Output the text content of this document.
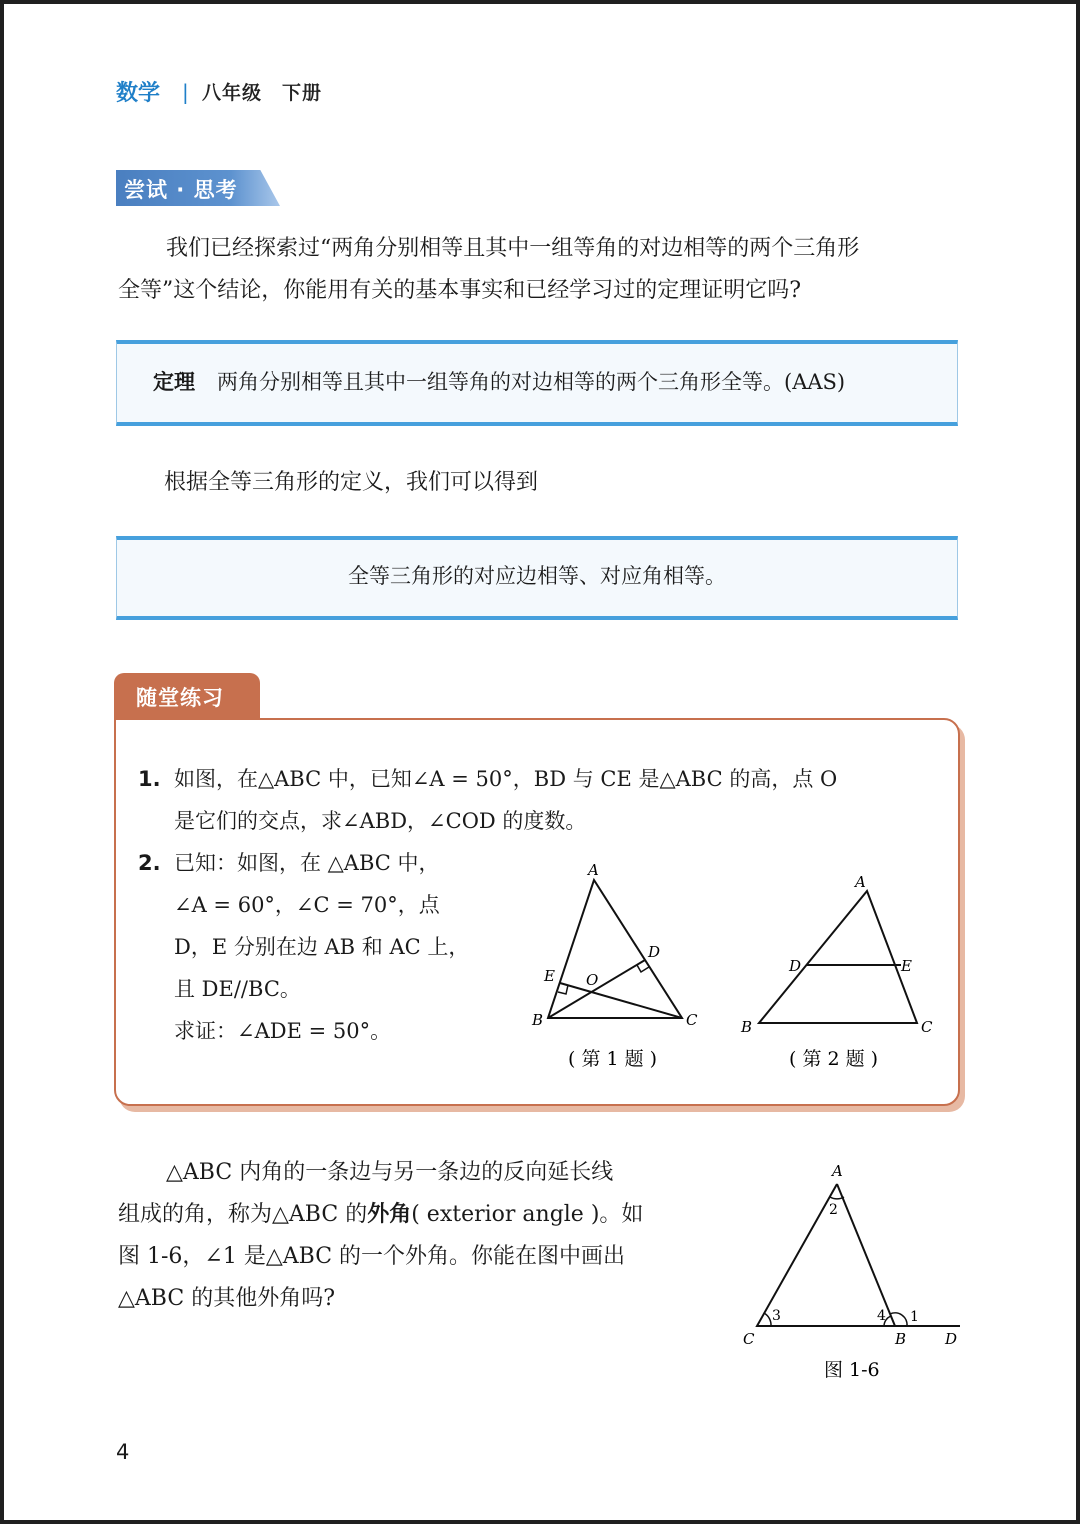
数学 | 八年级　下册
尝试 · 思考
我们已经探索过“两角分别相等且其中一组等角的对边相等的两个三角形
全等”这个结论，你能用有关的基本事实和已经学习过的定理证明它吗?
定理 两角分别相等且其中一组等角的对边相等的两个三角形全等。(AAS)
根据全等三角形的定义，我们可以得到
全等三角形的对应边相等、对应角相等。
随堂练习
1. 如图，在△ABC 中，已知∠A = 50°，BD 与 CE 是△ABC 的高，点 O
是它们的交点，求∠ABD，∠COD 的度数。
2. 已知：如图，在 △ABC 中，
∠A = 60°，∠C = 70°，点
D，E 分别在边 AB 和 AC 上，
且 DE//BC。
求证：∠ADE = 50°。
A
B	C
D
E O
( 第 1 题 )
A
B	C
D	E
( 第 2 题 )
△ABC 内角的一条边与另一条边的反向延长线
组成的角，称为△ABC 的外角( exterior angle )。如
图 1-6，∠1 是△ABC 的一个外角。你能在图中画出
△ABC 的其他外角吗?
A
C	B	D
1
2
3	4
图 1-6
4
